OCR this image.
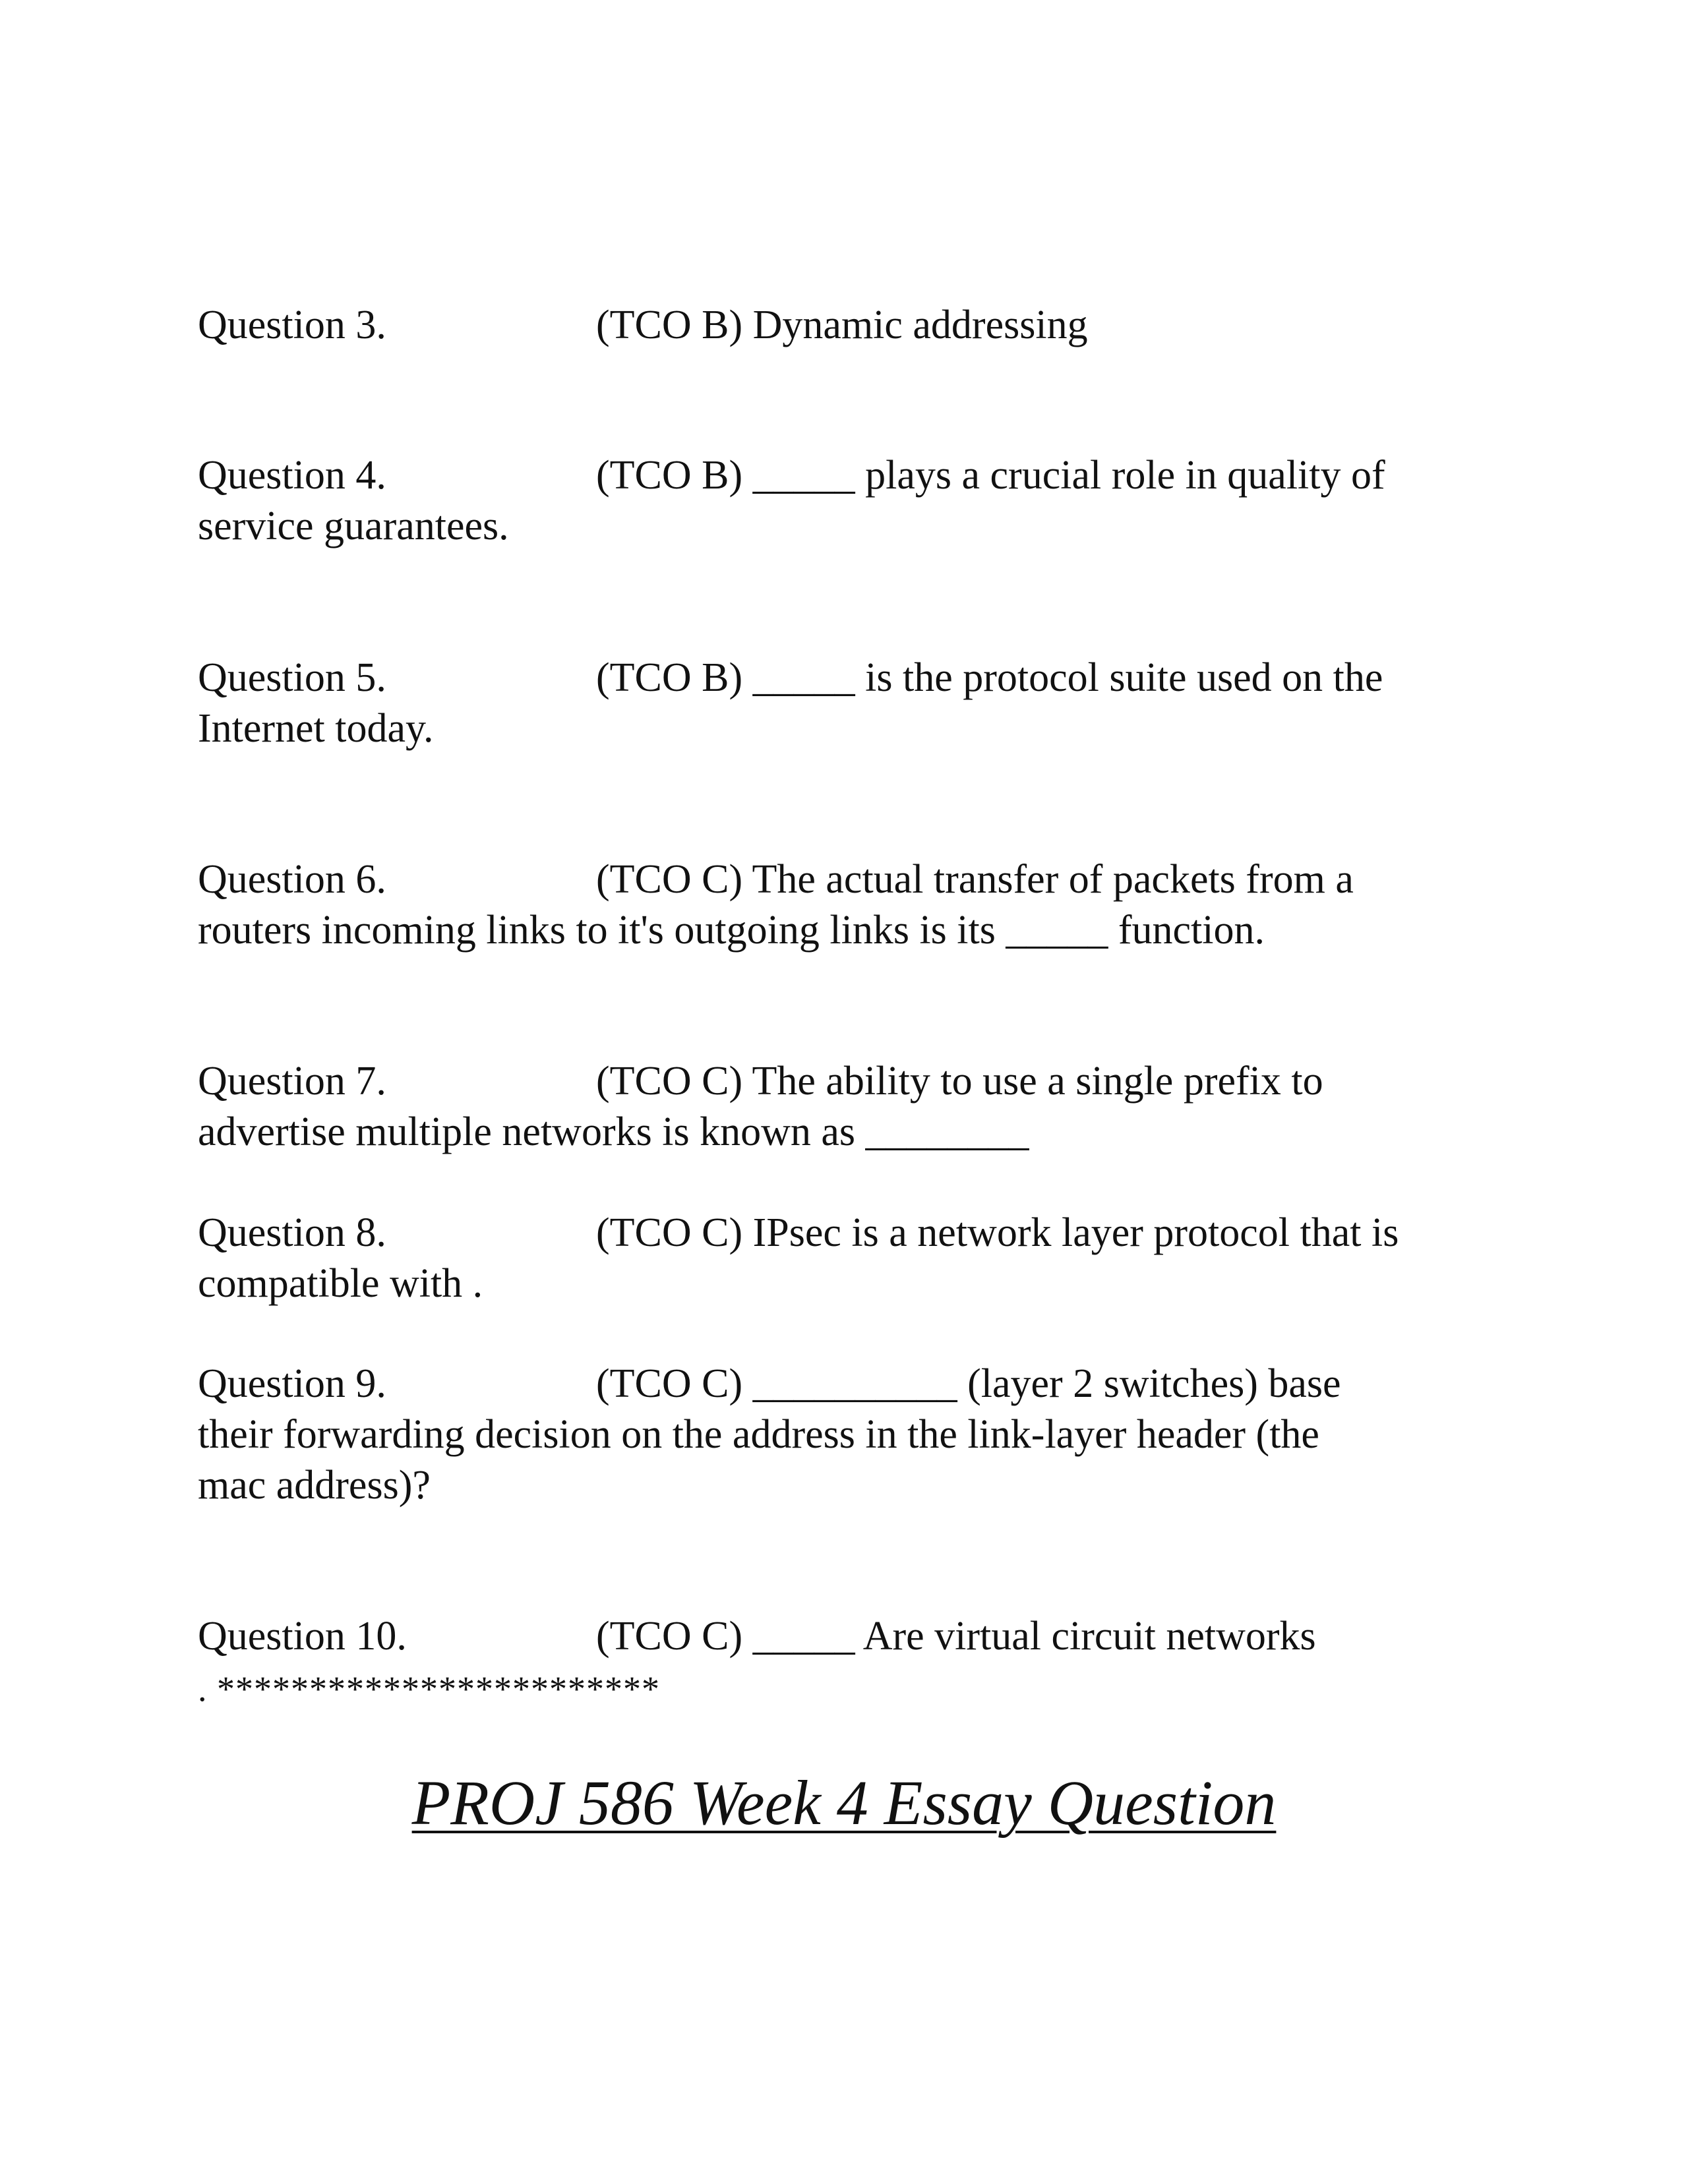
Question 3.	(TCO B) Dynamic addressing
Question 4.	(TCO B) _____ plays a crucial role in quality of
service guarantees.
Question 5.	(TCO B) _____ is the protocol suite used on the
Internet today.
Question 6.	(TCO C) The actual transfer of packets from a
routers incoming links to it's outgoing links is its _____ function.
Question 7.	(TCO C) The ability to use a single prefix to
advertise multiple networks is known as ________
Question 8.	(TCO C) IPsec is a network layer protocol that is
compatible with .
Question 9.	(TCO C) __________ (layer 2 switches) base
their forwarding decision on the address in the link-layer header (the
mac address)?
Question 10.	(TCO C) _____ Are virtual circuit networks
. ************************
PROJ 586 Week 4 Essay Question
